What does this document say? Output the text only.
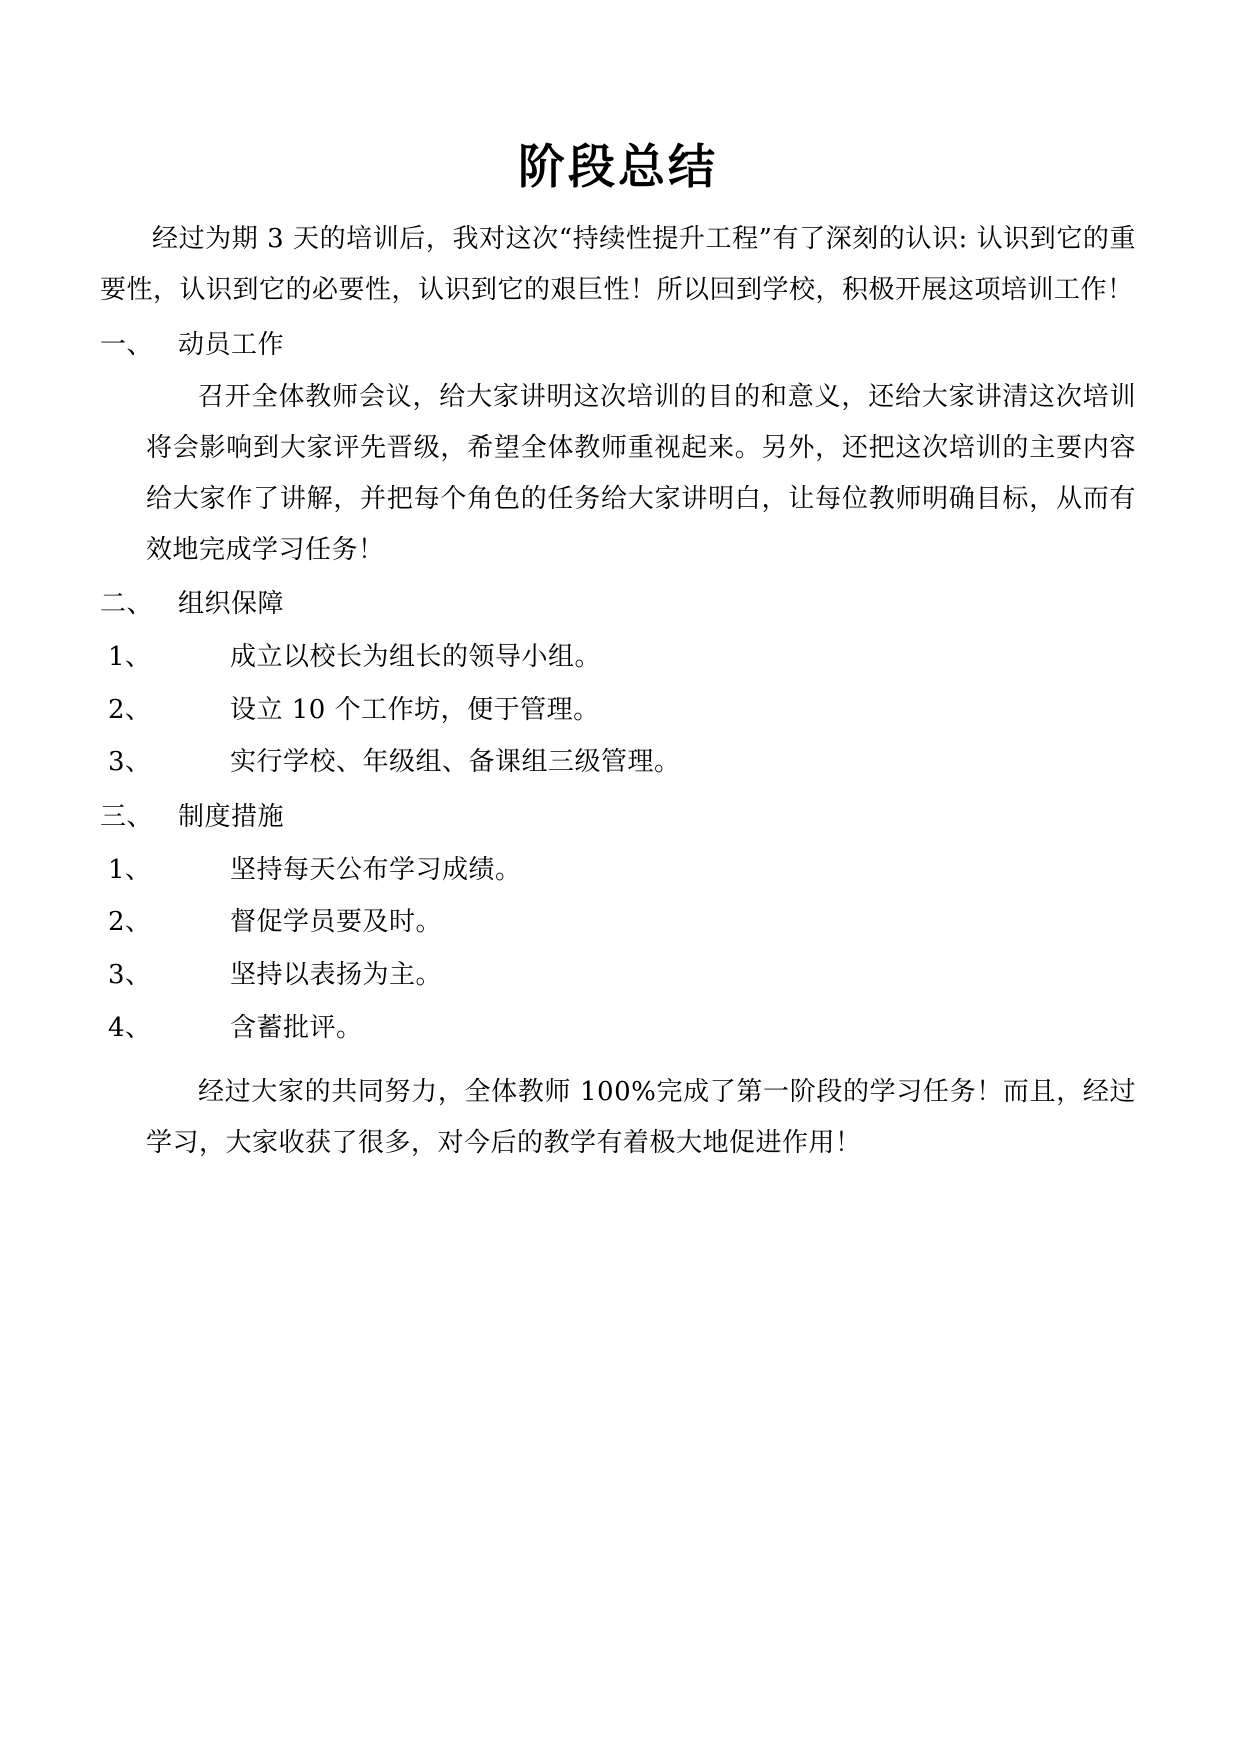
阶段总结

经过为期 3 天的培训后，我对这次“持续性提升工程”有了深刻的认识: 认识到它的重要性，认识到它的必要性，认识到它的艰巨性！所以回到学校，积极开展这项培训工作！

一、 动员工作

召开全体教师会议，给大家讲明这次培训的目的和意义，还给大家讲清这次培训将会影响到大家评先晋级，希望全体教师重视起来。另外，还把这次培训的主要内容给大家作了讲解，并把每个角色的任务给大家讲明白，让每位教师明确目标，从而有效地完成学习任务！

二、 组织保障
1、	成立以校长为组长的领导小组。
2、	设立 10 个工作坊，便于管理。
3、	实行学校、年级组、备课组三级管理。
三、 制度措施
1、	坚持每天公布学习成绩。
2、	督促学员要及时。
3、	坚持以表扬为主。
4、	含蓄批评。

经过大家的共同努力，全体教师 100%完成了第一阶段的学习任务！而且，经过学习，大家收获了很多，对今后的教学有着极大地促进作用！
